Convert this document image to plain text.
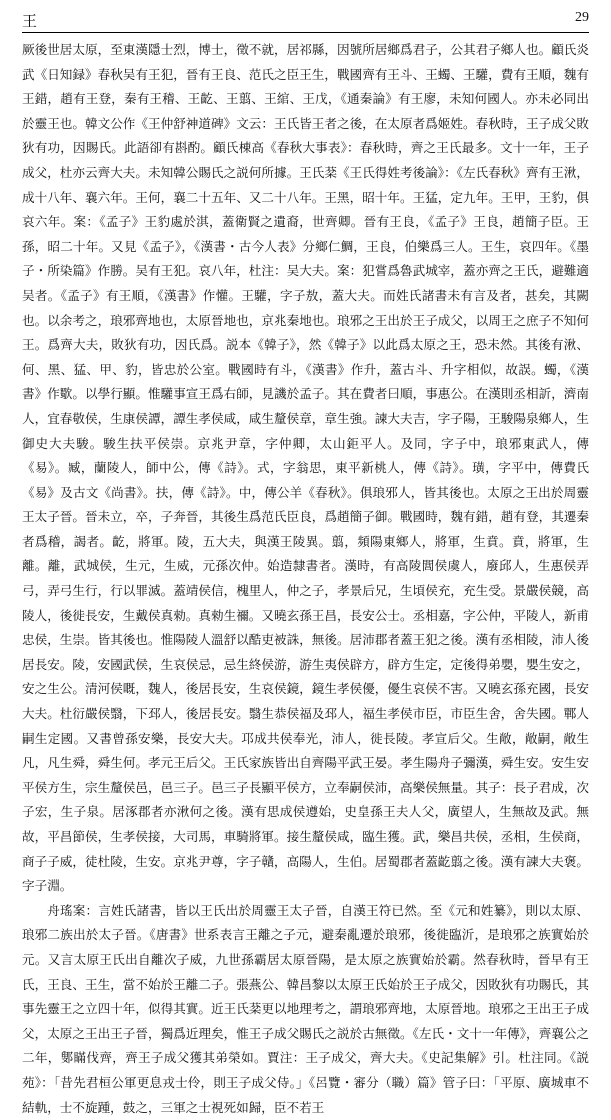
王	29

厥後世居太原，至東漢隱士烈，博士，徵不就，居祁縣，因號所居鄉爲君子，公其君子鄉人也。顧氏炎武《日知録》春秋吴有王犯，晉有王良、范氏之臣王生，戰國齊有王斗、王蠋、王驩，費有王順，魏有王錯，趙有王登，秦有王稽、王齕、王翦、王綰、王戊，《通秦論》有王廖，未知何國人。亦未必同出於靈王也。韓文公作《王仲舒神道碑》文云：王氏皆王者之後，在太原者爲姬姓。春秋時，王子成父敗狄有功，因賜氏。此語卻有斟酌。顧氏棟高《春秋大事表》：春秋時，齊之王氏最多。文十一年，王子成父，杜亦云齊大夫。未知韓公賜氏之説何所據。王氏棻《王氏得姓考後論》：《左氏春秋》齊有王湫，成十八年、襄六年。王何，襄二十五年、又二十八年。王黑，昭十年。王猛，定九年。王甲，王豹，俱哀六年。案：《孟子》王豹處於淇，蓋衛賢之遺裔，世齊卿。晉有王良，《孟子》王良，趙簡子臣。王孫，昭二十年。又見《孟子》，《漢書・古今人表》分鄉仁鯛，王良，伯樂爲三人。王生，哀四年。《墨子・所染篇》作勝。吴有王犯。哀八年，杜注：吴大夫。案：犯嘗爲魯武城宰，蓋亦齊之王氏，避難適吴者。《孟子》有王順，《漢書》作懽。王驩，字子敖，蓋大夫。而姓氏諸書未有言及者，甚矣，其闕也。以余考之，琅邪齊地也，太原晉地也，京兆秦地也。琅邪之王出於王子成父，以周王之庶子不知何王。爲齊大夫，敗狄有功，因氏爲。説本《韓子》，然《韓子》以此爲太原之王，恐未然。其後有湫、何、黑、猛、甲、豹，皆忠於公室。戰國時有斗，《漢書》作升，蓋古斗、升字相似，故誤。蠋，《漢書》作歜。以學行顯。惟驩事宣王爲右師，見譏於孟子。其在費者曰順，事惠公。在漢則丞相訢，濟南人，宜春敬侯，生康侯譚，譚生孝侯咸，咸生釐侯章，章生強。諫大夫吉，字子陽，王駿陽泉鄉人，生御史大夫駿。駿生扶平侯崇。京兆尹章，字仲卿，太山鉅平人。及同，字子中，琅邪東武人，傳《易》。臧，蘭陵人，師中公，傳《詩》。式，字翁思，東平新桃人，傳《詩》。璜，字平中，傳費氏《易》及古文《尚書》。扶，傳《詩》。中，傳公羊《春秋》。俱琅邪人，皆其後也。太原之王出於周靈王太子晉。晉未立，卒，子奔晉，其後生爲范氏臣良，爲趙簡子御。戰國時，魏有錯，趙有登，其遷秦者爲稽，謁者。齕，將軍。陵，五大夫，與漢王陵異。翦，頻陽東鄉人，將軍，生賁。賁，將軍，生離。離，武城侯，生元，生威，元孫次仲。始造隸書者。漢時，有高陵閭侯虞人，廢邱人，生惠侯弄弓，弄弓生行，行以罪滅。蓋靖侯信，槐里人，仲之子，孝景后兄，生頃侯充，充生受。景嚴侯競，高陵人，後徙長安，生戴侯真勑。真勑生禰。又曉玄孫王昌，長安公士。丞相嘉，字公仲，平陵人，新甫忠侯，生崇。皆其後也。惟陽陵人溫舒以酷吏被誅，無後。居沛郡者蓋王犯之後。漢有丞相陵，沛人後居長安。陵，安國武侯，生哀侯忌，忌生終侯游，游生夷侯辟方，辟方生定，定後得弟嬰，嬰生安之，安之生公。清河侯嘅，魏人，後居長安，生哀侯鏡，鏡生孝侯優，優生哀侯不害。又曉玄孫充國，長安大夫。杜衍嚴侯翳，下邳人，後居長安。翳生恭侯福及邳人，福生孝侯市臣，市臣生舍，舍失國。鄲人嗣生定國。又書曾孫安樂，長安大夫。邛成共侯奉光，沛人，徙長陵。孝宣后父。生敞，敞嗣，敞生凡，凡生舜，舜生何。孝元王后父。王氏家族皆出自齊陽平武王晏。孝生陽舟子彌漢，舜生安。安生安平侯方生，宗生釐侯邑，邑三子。邑三子長顯平侯方，立奉嗣侯沛，高樂侯無量。其子：長子君成，次子宏，生子泉。居涿郡者亦湫何之後。漢有思成侯遵始，史皇孫王夫人父，廣望人，生無故及武。無故，平昌節侯，生孝侯接，大司馬，車騎將軍。接生釐侯咸，臨生獲。武，樂昌共侯，丞相，生侯商，商子子威，徒杜陵，生安。京兆尹尊，字子贛，高陽人，生伯。居蜀郡者蓋齕翦之後。漢有諫大夫褒。字子淵。

舟瑤案：言姓氏諸書，皆以王氏出於周靈王太子晉，自漢王符已然。至《元和姓纂》，則以太原、琅邪二族出於太子晉。《唐書》世系表言王離之子元，避秦亂遷於琅邪，後徙臨沂，是琅邪之族實始於元。又言太原王氏出自離次子威，九世孫霸居太原晉陽，是太原之族實始於霸。然春秋時，晉早有王氏，王良、王生，當不始於王離二子。張燕公、韓昌黎以太原王氏始於王子成父，因敗狄有功賜氏，其事先靈王之立四十年，似得其實。近王氏棻更以地理考之，謂琅邪齊地，太原晉地。琅邪之王出王子成父，太原之王出王子晉，獨爲近理矣，惟王子成父賜氏之説於古無徵。《左氏・文十一年傳》，齊襄公之二年，鄋瞞伐齊，齊王子成父獲其弟榮如。賈注：王子成父，齊大夫。《史記集解》引。杜注同。《説苑》：「昔先君桓公軍更息戎士伶，則王子成父侍。」《呂覽・審分（職）篇》管子曰：「平原、廣城車不結軌，士不旋踵，鼓之，三軍之士視死如歸，臣不若王
